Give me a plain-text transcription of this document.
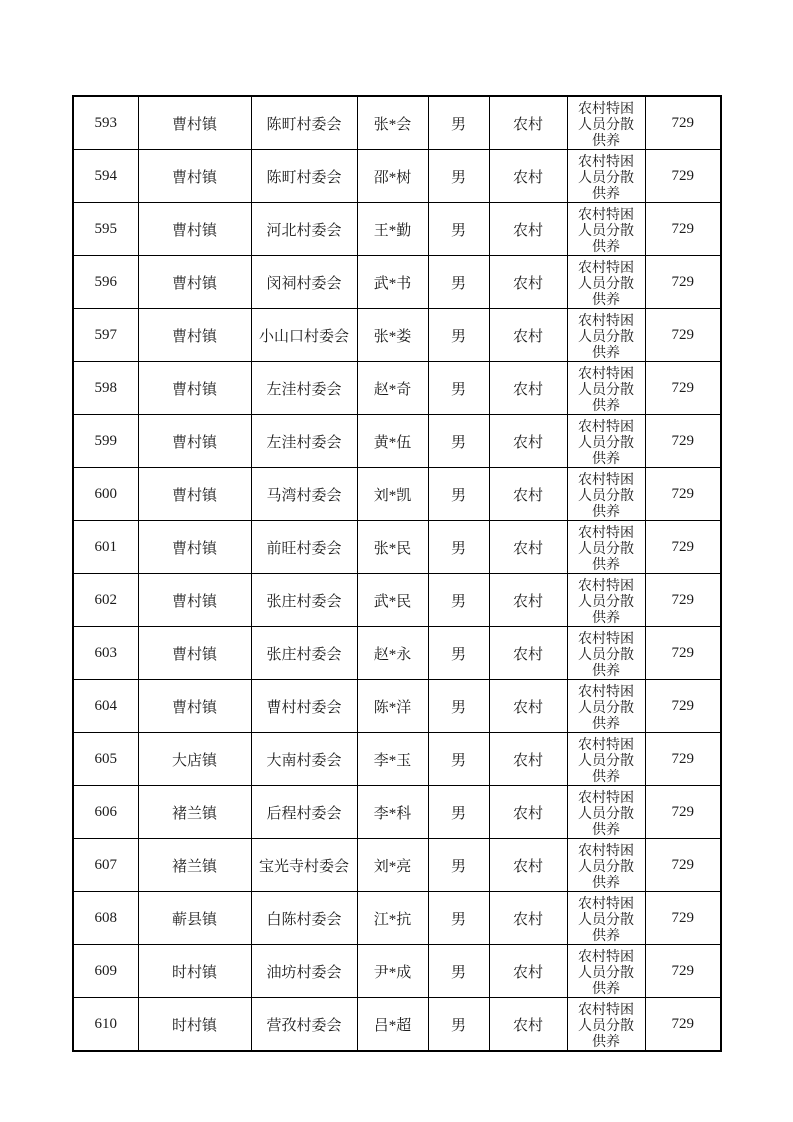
593	曹村镇	陈町村委会	张*会	男	农村	农村特困
人员分散
供养	729
594	曹村镇	陈町村委会	邵*树	男	农村	农村特困
人员分散
供养	729
595	曹村镇	河北村委会	王*勤	男	农村	农村特困
人员分散
供养	729
596	曹村镇	闵祠村委会	武*书	男	农村	农村特困
人员分散
供养	729
597	曹村镇	小山口村委会	张*娄	男	农村	农村特困
人员分散
供养	729
598	曹村镇	左洼村委会	赵*奇	男	农村	农村特困
人员分散
供养	729
599	曹村镇	左洼村委会	黄*伍	男	农村	农村特困
人员分散
供养	729
600	曹村镇	马湾村委会	刘*凯	男	农村	农村特困
人员分散
供养	729
601	曹村镇	前旺村委会	张*民	男	农村	农村特困
人员分散
供养	729
602	曹村镇	张庄村委会	武*民	男	农村	农村特困
人员分散
供养	729
603	曹村镇	张庄村委会	赵*永	男	农村	农村特困
人员分散
供养	729
604	曹村镇	曹村村委会	陈*洋	男	农村	农村特困
人员分散
供养	729
605	大店镇	大南村委会	李*玉	男	农村	农村特困
人员分散
供养	729
606	褚兰镇	后程村委会	李*科	男	农村	农村特困
人员分散
供养	729
607	褚兰镇	宝光寺村委会	刘*亮	男	农村	农村特困
人员分散
供养	729
608	蕲县镇	白陈村委会	江*抗	男	农村	农村特困
人员分散
供养	729
609	时村镇	油坊村委会	尹*成	男	农村	农村特困
人员分散
供养	729
610	时村镇	营孜村委会	吕*超	男	农村	农村特困
人员分散
供养	729
